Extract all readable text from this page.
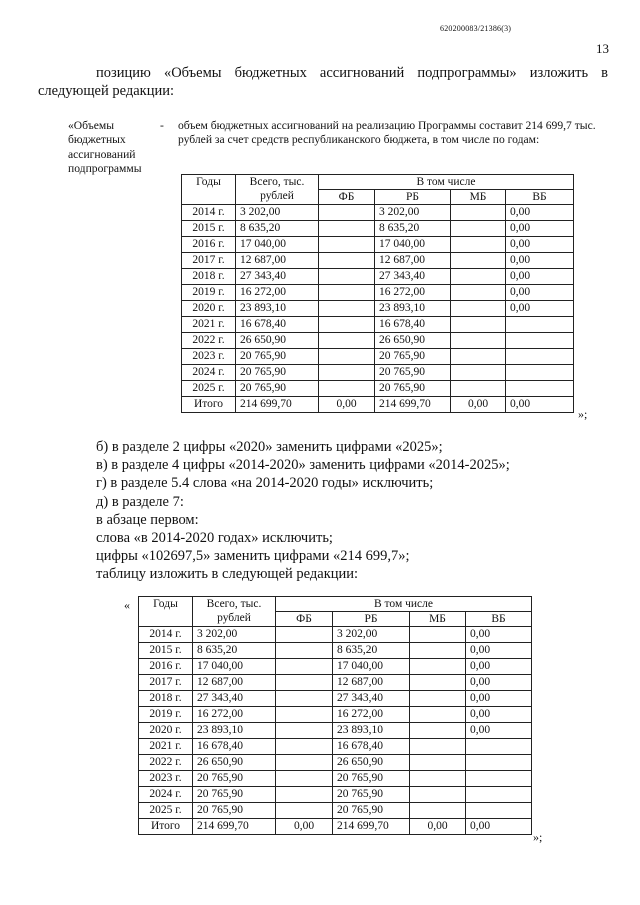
620200083/21386(3)
13
позицию «Объемы бюджетных ассигнований подпрограммы» изложить в следующей редакции:
«Объемы
бюджетных
ассигнований
подпрограммы
- объем бюджетных ассигнований на реализацию Программы составит 214 699,7 тыс. рублей за счет средств республиканского бюджета, в том числе по годам:
Годы	Всего, тыс. рублей	В том числе			
		ФБ	РБ	МБ	ВБ
2014 г.	3 202,00		3 202,00		0,00
2015 г.	8 635,20		8 635,20		0,00
2016 г.	17 040,00		17 040,00		0,00
2017 г.	12 687,00		12 687,00		0,00
2018 г.	27 343,40		27 343,40		0,00
2019 г.	16 272,00		16 272,00		0,00
2020 г.	23 893,10		23 893,10		0,00
2021 г.	16 678,40		16 678,40		
2022 г.	26 650,90		26 650,90		
2023 г.	20 765,90		20 765,90		
2024 г.	20 765,90		20 765,90		
2025 г.	20 765,90		20 765,90		
Итого	214 699,70	0,00	214 699,70	0,00	0,00
»;
б) в разделе 2 цифры «2020» заменить цифрами «2025»;
в) в разделе 4 цифры «2014-2020» заменить цифрами «2014-2025»;
г) в разделе 5.4 слова «на 2014-2020 годы» исключить;
д) в разделе 7:
в абзаце первом:
слова «в 2014-2020 годах» исключить;
цифры «102697,5» заменить цифрами «214 699,7»;
таблицу изложить в следующей редакции:
« Годы	Всего, тыс. рублей	В том числе			
		ФБ	РБ	МБ	ВБ
2014 г.	3 202,00		3 202,00		0,00
2015 г.	8 635,20		8 635,20		0,00
2016 г.	17 040,00		17 040,00		0,00
2017 г.	12 687,00		12 687,00		0,00
2018 г.	27 343,40		27 343,40		0,00
2019 г.	16 272,00		16 272,00		0,00
2020 г.	23 893,10		23 893,10		0,00
2021 г.	16 678,40		16 678,40		
2022 г.	26 650,90		26 650,90		
2023 г.	20 765,90		20 765,90		
2024 г.	20 765,90		20 765,90		
2025 г.	20 765,90		20 765,90		
Итого	214 699,70	0,00	214 699,70	0,00	0,00
»;
